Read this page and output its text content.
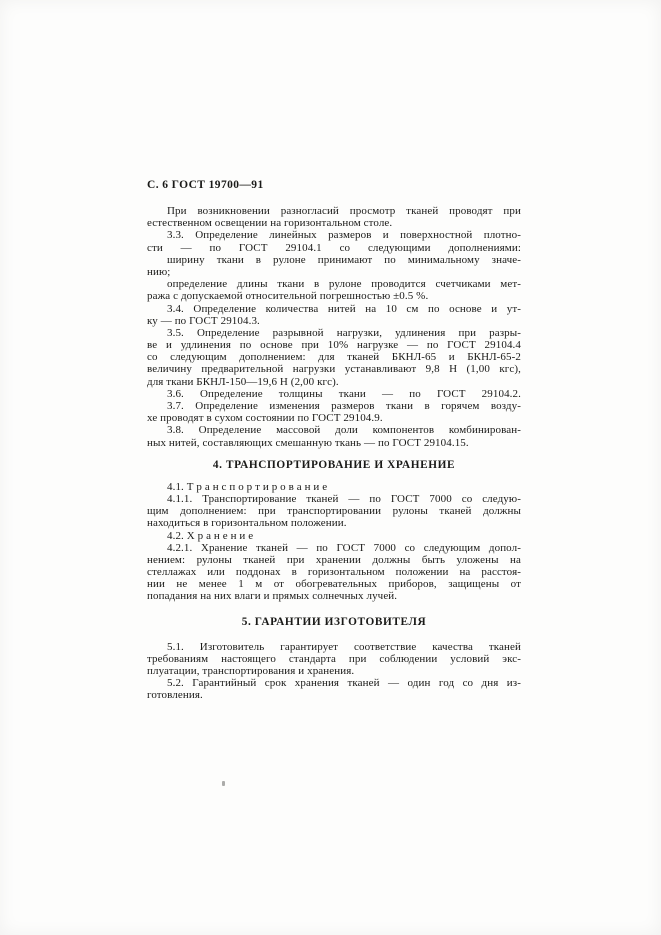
С. 6 ГОСТ 19700—91
При возникновении разногласий просмотр тканей проводят при
естественном освещении на горизонтальном столе.
3.3. Определение линейных размеров и поверхностной плотно-
сти — по ГОСТ 29104.1 со следующими дополнениями:
ширину ткани в рулоне принимают по минимальному значе-
нию;
определение длины ткани в рулоне проводится счетчиками мет-
ража с допускаемой относительной погрешностью ±0.5 %.
3.4. Определение количества нитей на 10 см по основе и ут-
ку — по ГОСТ 29104.3.
3.5. Определение разрывной нагрузки, удлинения при разры-
ве и удлинения по основе при 10% нагрузке — по ГОСТ 29104.4
со следующим дополнением: для тканей БКНЛ-65 и БКНЛ-65-2
величину предварительной нагрузки устанавливают 9,8 Н (1,00 кгс),
для ткани БКНЛ-150—19,6 Н (2,00 кгс).
3.6. Определение толщины ткани — по ГОСТ 29104.2.
3.7. Определение изменения размеров ткани в горячем возду-
хе проводят в сухом состоянии по ГОСТ 29104.9.
3.8. Определение массовой доли компонентов комбинирован-
ных нитей, составляющих смешанную ткань — по ГОСТ 29104.15.
4. ТРАНСПОРТИРОВАНИЕ И ХРАНЕНИЕ
4.1. Т р а н с п о р т и р о в а н и е
4.1.1. Транспортирование тканей — по ГОСТ 7000 со следую-
щим дополнением: при транспортировании рулоны тканей должны
находиться в горизонтальном положении.
4.2. Х р а н е н и е
4.2.1. Хранение тканей — по ГОСТ 7000 со следующим допол-
нением: рулоны тканей при хранении должны быть уложены на
стеллажах или поддонах в горизонтальном положении на расстоя-
нии не менее 1 м от обогревательных приборов, защищены от
попадания на них влаги и прямых солнечных лучей.
5. ГАРАНТИИ ИЗГОТОВИТЕЛЯ
5.1. Изготовитель гарантирует соответствие качества тканей
требованиям настоящего стандарта при соблюдении условий экс-
плуатации, транспортирования и хранения.
5.2. Гарантийный срок хранения тканей — один год со дня из-
готовления.
